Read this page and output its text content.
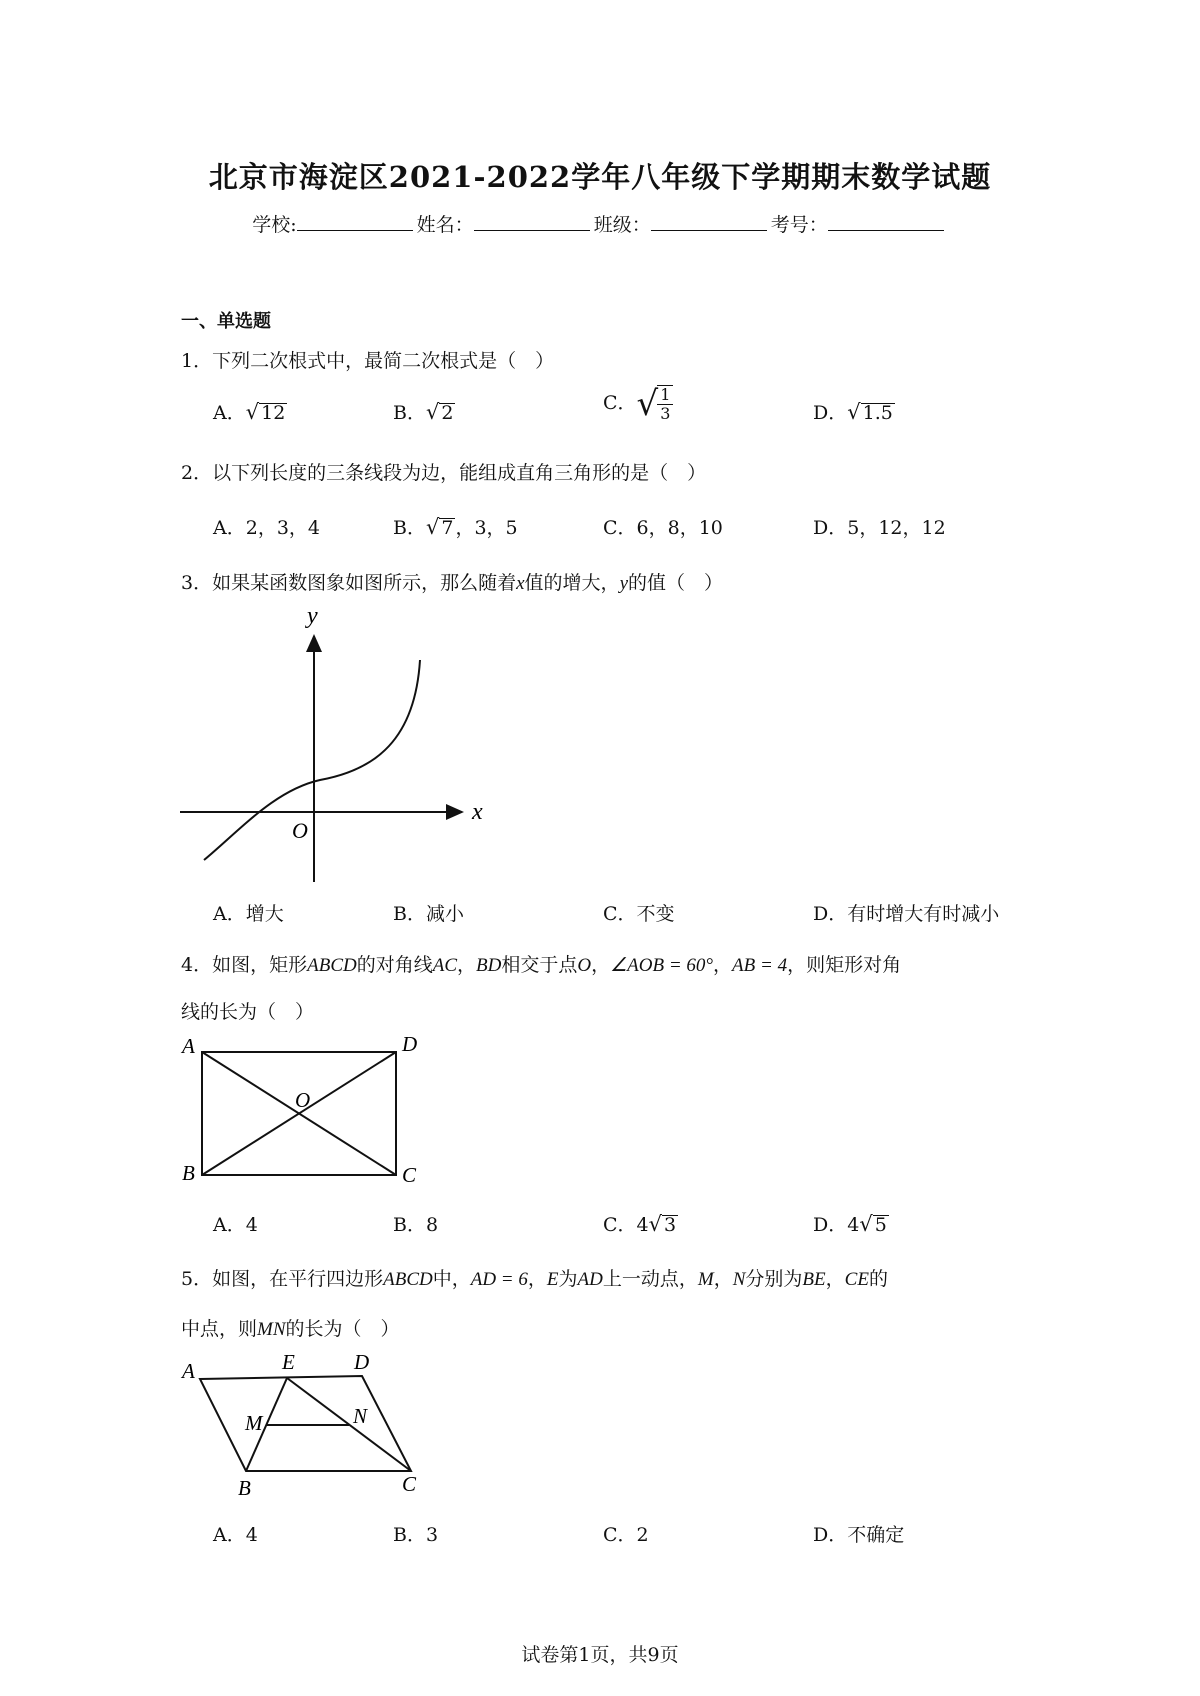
北京市海淀区2021-2022学年八年级下学期期末数学试题
学校:	姓名：	班级：	考号：
一、单选题
1．下列二次根式中，最简二次根式是（　）
A．√ 12	B．√ 2	C．√ $\frac{1}{3}$	D．√ 1.5
2．以下列长度的三条线段为边，能组成直角三角形的是（　）
A．2，3，4	B．√ 7 ，3，5	C．6，8，10	D．5，12，12
3．如果某函数图象如图所示，那么随着x值的增大，y的值（　）
y
x
O
A．增大	B．减小	C．不变	D．有时增大有时减小
4．如图，矩形ABCD的对角线AC，BD相交于点O，∠AOB = 60°，AB = 4，则矩形对角
线的长为（　）
A	D
B	C
O
A．4	B．8	C．4√ 3	D．4√ 5
5．如图，在平行四边形ABCD中，AD = 6，E为AD上一动点，M，N分别为BE，CE的
中点，则MN的长为（　）
A	E	D
M	N
B	C
A．4	B．3	C．2	D．不确定
试卷第1页，共9页
